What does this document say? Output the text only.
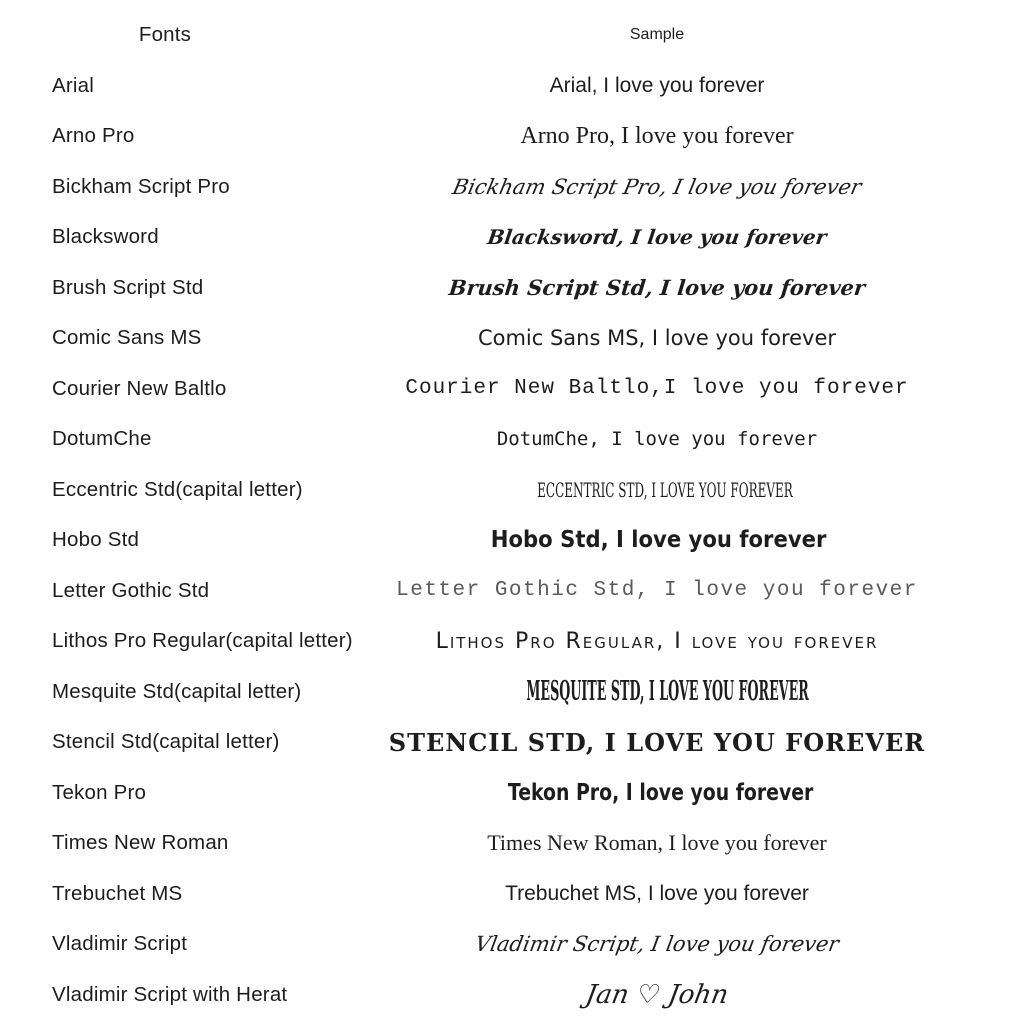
Fonts	Sample
Arial	Arial, I love you forever
Arno Pro	Arno Pro, I love you forever
Bickham Script Pro	Bickham Script Pro, I love you forever
Blacksword	Blacksword, I love you forever
Brush Script Std	Brush Script Std, I love you forever
Comic Sans MS	Comic Sans MS, I love you forever
Courier New Baltlo	Courier New Baltlo,I love you forever
DotumChe	DotumChe, I love you forever
Eccentric Std(capital letter)	ECCENTRIC STD, I LOVE YOU FOREVER
Hobo Std	Hobo Std, I love you forever
Letter Gothic Std	Letter Gothic Std, I love you forever
Lithos Pro Regular(capital letter)	Lithos Pro Regular, I love you forever
Mesquite Std(capital letter)	MESQUITE STD, I LOVE YOU FOREVER
Stencil Std(capital letter)	STENCIL STD, I LOVE YOU FOREVER
Tekon Pro	Tekon Pro, I love you forever
Times New Roman	Times New Roman, I love you forever
Trebuchet MS	Trebuchet MS, I love you forever
Vladimir Script	Vladimir Script, I love you forever
Vladimir Script with Herat	Jan ♡ John
